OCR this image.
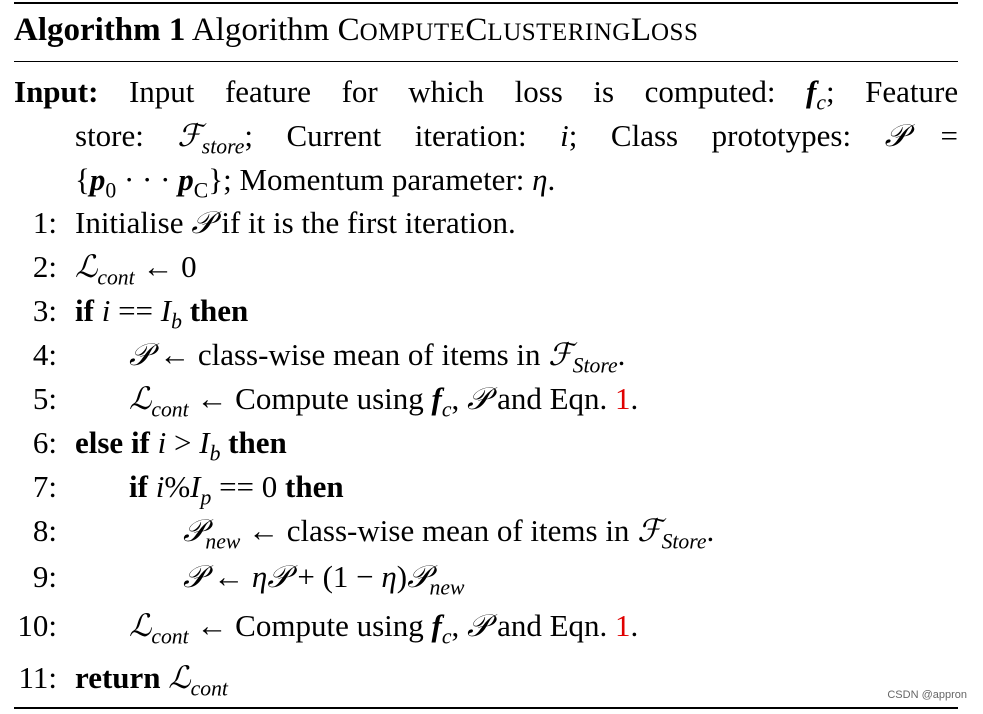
Algorithm 1 Algorithm COMPUTECLUSTERINGLOSS
Input: Input feature for which loss is computed: $f_c$; Feature
store: ℱ$_{store}$; Current iteration: i; Class prototypes: 𝒫 =
{$p_0$ · · · $p_C$}; Momentum parameter: η.
1: Initialise 𝒫 if it is the first iteration.
2: ℒ$_{cont}$ ← 0
3: if $i == I_b$ then
4: 𝒫 ← class-wise mean of items in ℱ$_{Store}$.
5: ℒ$_{cont}$ ← Compute using $f_c$, 𝒫 and Eqn. 1.
6: else if $i > I_b$ then
7: if $i\%I_p == 0$ then
8:	𝒫$_{new}$ ← class-wise mean of items in ℱ$_{Store}$.
9:	𝒫 ← η𝒫 + (1 − η)𝒫$_{new}$
10: ℒ$_{cont}$ ← Compute using $f_c$, 𝒫 and Eqn. 1.
11: return ℒ$_{cont}$	CSDN @appron
